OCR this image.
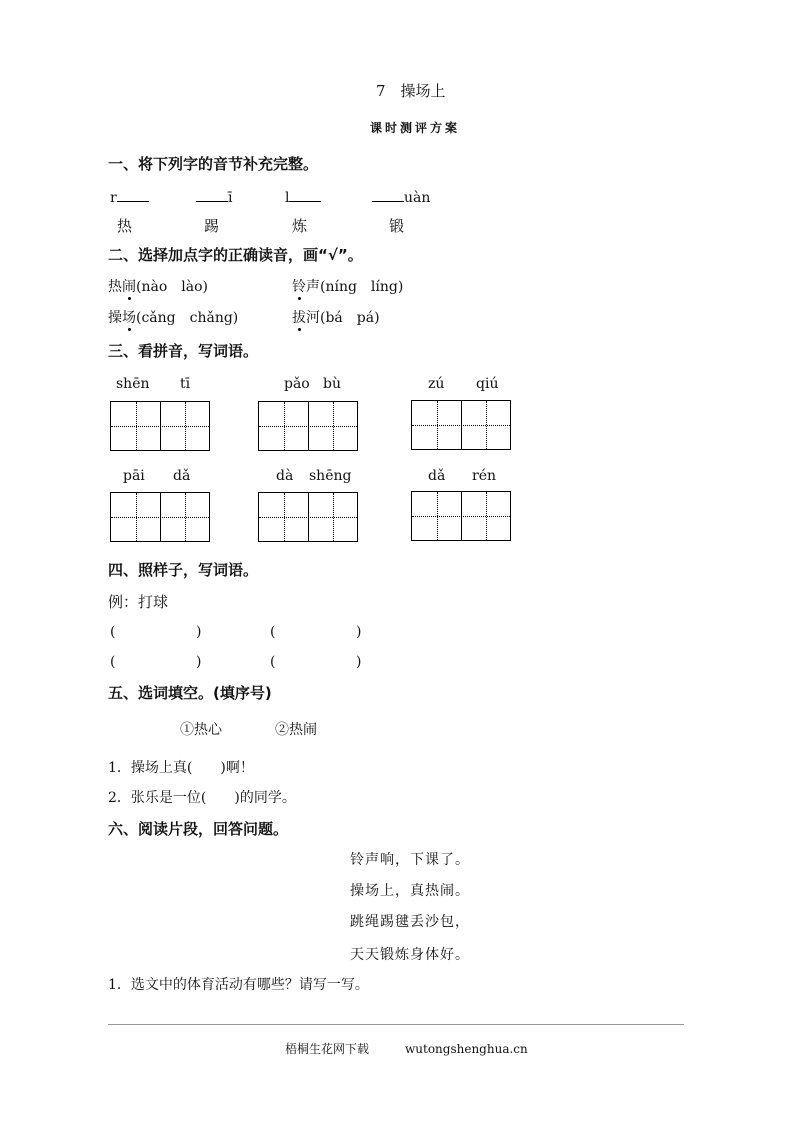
7　操场上
课时测评方案
一、将下列字的音节补充完整。
r	ī	l	uàn
热	踢	炼	锻
二、选择加点字的正确读音，画“√”。
热闹(nào　lào)	铃声(níng　líng)
操场(cǎng　chǎng)	拔河(bá　pá)
三、看拼音，写词语。
shēn tī	pǎo bù	zú qiú
pāi dǎ	dà shēng	dǎ rén
四、照样子，写词语。
例：打球
(	)	(	)
(	)	(	)
五、选词填空。(填序号)
①热心	②热闹
1．操场上真(　　)啊！
2．张乐是一位(　　)的同学。
六、阅读片段，回答问题。
铃声响，下课了。
操场上，真热闹。
跳绳踢毽丢沙包，
天天锻炼身体好。
1．选文中的体育活动有哪些？请写一写。
梧桐生花网下载	wutongshenghua.cn
